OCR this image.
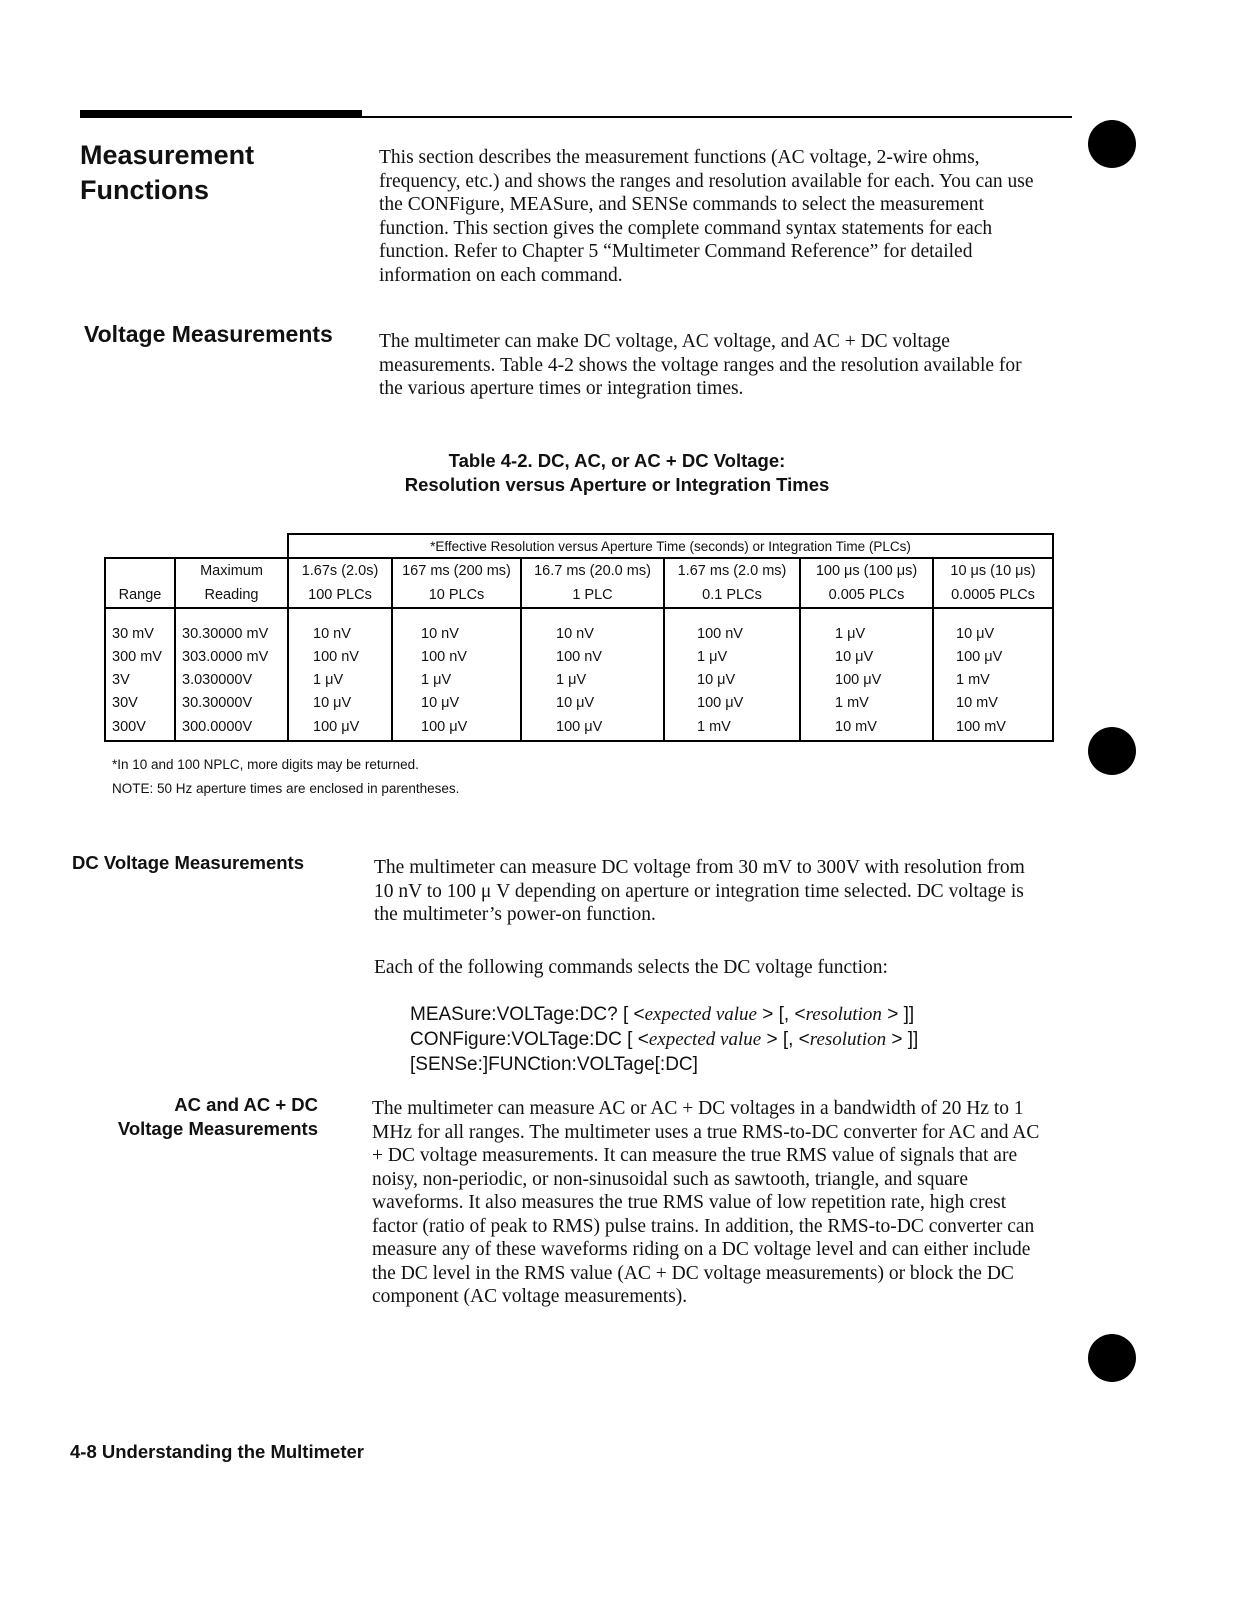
Measurement
Functions
This section describes the measurement functions (AC voltage, 2-wire ohms, frequency, etc.) and shows the ranges and resolution available for each. You can use the CONFigure, MEASure, and SENSe commands to select the measurement function. This section gives the complete command syntax statements for each function. Refer to Chapter 5 “Multimeter Command Reference” for detailed information on each command.
Voltage Measurements The multimeter can make DC voltage, AC voltage, and AC + DC voltage measurements. Table 4-2 shows the voltage ranges and the resolution available for the various aperture times or integration times.
Table 4-2. DC, AC, or AC + DC Voltage:
Resolution versus Aperture or Integration Times
		*Effective Resolution versus Aperture Time (seconds) or Integration Time (PLCs)					
	Maximum	1.67s (2.0s)	167 ms (200 ms)	16.7 ms (20.0 ms)	1.67 ms (2.0 ms)	100 μs (100 μs)	10 μs (10 μs)
Range	Reading	100 PLCs	10 PLCs	1 PLC	0.1 PLCs	0.005 PLCs	0.0005 PLCs

30 mV	30.30000 mV	10 nV	10 nV	10 nV	100 nV	1 μV	10 μV
300 mV	303.0000 mV	100 nV	100 nV	100 nV	1 μV	10 μV	100 μV
3V	3.030000V	1 μV	1 μV	1 μV	10 μV	100 μV	1 mV
30V	30.30000V	10 μV	10 μV	10 μV	100 μV	1 mV	10 mV
300V	300.0000V	100 μV	100 μV	100 μV	1 mV	10 mV	100 mV
*In 10 and 100 NPLC, more digits may be returned.
NOTE: 50 Hz aperture times are enclosed in parentheses.
DC Voltage Measurements	The multimeter can measure DC voltage from 30 mV to 300V with resolution from 10 nV to 100 μ V depending on aperture or integration time selected. DC voltage is the multimeter’s power-on function.
Each of the following commands selects the DC voltage function:
MEASure:VOLTage:DC? [ <expected value > [, <resolution > ]]
CONFigure:VOLTage:DC [ <expected value > [, <resolution > ]]
[SENSe:]FUNCtion:VOLTage[:DC]
AC and AC + DC
Voltage Measurements
The multimeter can measure AC or AC + DC voltages in a bandwidth of 20 Hz to 1 MHz for all ranges. The multimeter uses a true RMS-to-DC converter for AC and AC + DC voltage measurements. It can measure the true RMS value of signals that are noisy, non-periodic, or non-sinusoidal such as sawtooth, triangle, and square waveforms. It also measures the true RMS value of low repetition rate, high crest factor (ratio of peak to RMS) pulse trains. In addition, the RMS-to-DC converter can measure any of these waveforms riding on a DC voltage level and can either include the DC level in the RMS value (AC + DC voltage measurements) or block the DC component (AC voltage measurements).
4-8 Understanding the Multimeter
